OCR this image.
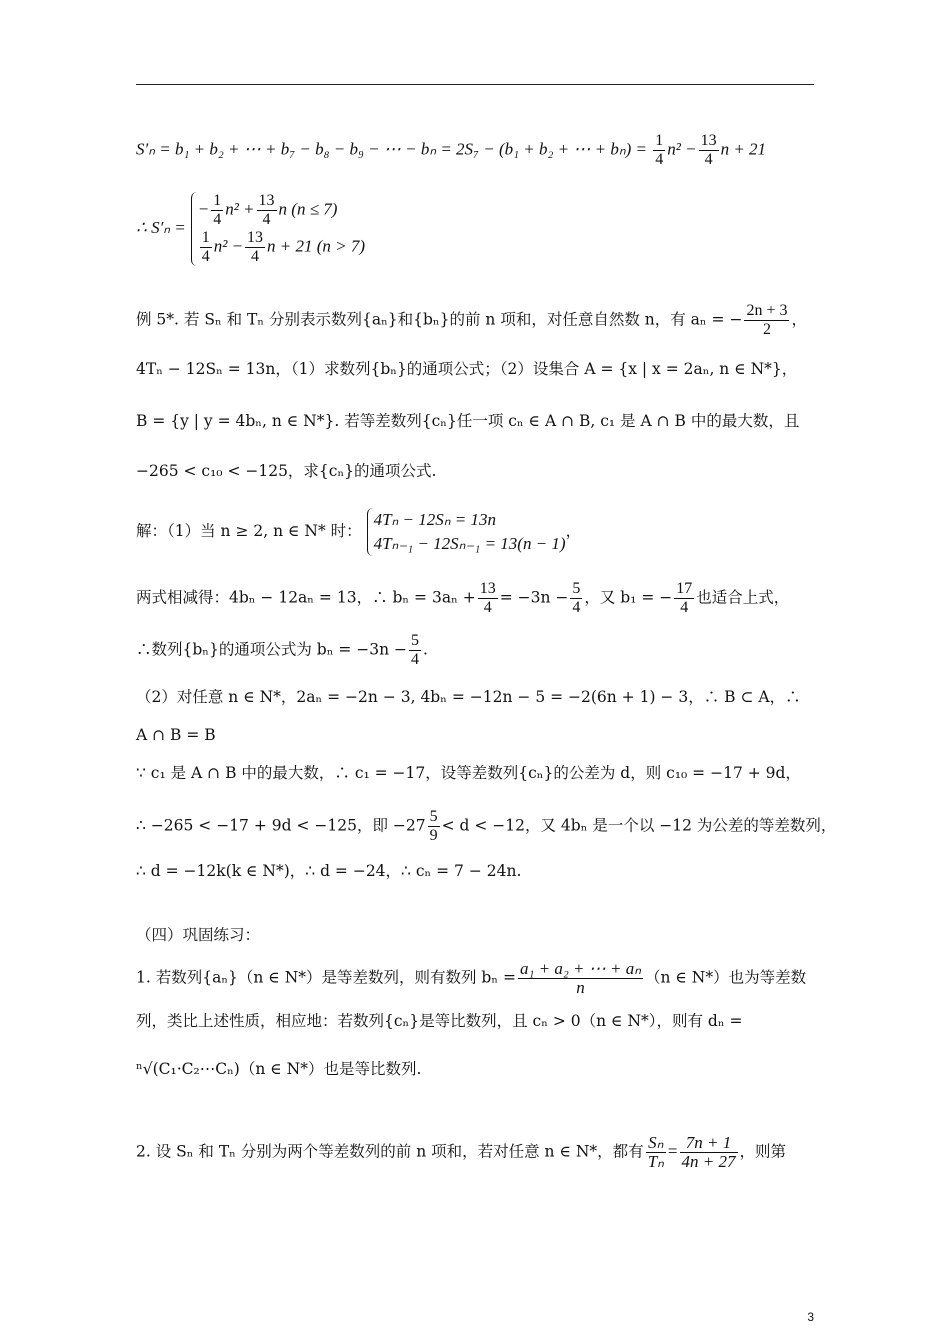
S′ₙ = b₁ + b₂ + ⋯ + b₇ − b₈ − b₉ − ⋯ − bₙ = 2S₇ − (b₁ + b₂ + ⋯ + $b_n) = \frac{1}{4} n^2 - \frac{13}{4}$ n + 21
∴ S′ₙ =
− $\frac{1}{4} n^2 + \frac{13}{4}$ n (n ≤ 7)
$\frac{1}{4} n^2 - \frac{13}{4}$ n + 21 (n > 7)
例 5*. 若 Sₙ 和 Tₙ 分别表示数列{aₙ}和{bₙ}的前 n 项和，对任意自然数 n，有 aₙ = − $\frac{2n + 3}{2}$ ，
4Tₙ − 12Sₙ = 13n，（1）求数列{bₙ}的通项公式；（2）设集合 A = {x | x = 2aₙ, n ∈ N*}，
B = {y | y = 4bₙ, n ∈ N*}. 若等差数列{cₙ}任一项 cₙ ∈ A ∩ B, c₁ 是 A ∩ B 中的最大数，且
−265 < c₁₀ < −125，求{cₙ}的通项公式.
解：（1）当 n ≥ 2, n ∈ N* 时：
4Tₙ − 12Sₙ = 13n
4Tₙ₋₁ − 12Sₙ₋₁ = 13(n − 1)
，
两式相减得：4bₙ − 12aₙ = 13，∴ $b_n = 3a_n + \frac{13}{4} = -3n - \frac{5}{4}$ ，又 b₁ = − $\frac{17}{4}$ 也适合上式，
∴数列{bₙ}的通项公式为 $b_n = -3n - \frac{5}{4}$ .
（2）对任意 n ∈ N*，2aₙ = −2n − 3, 4bₙ = −12n − 5 = −2(6n + 1) − 3，∴ B ⊂ A，∴
A ∩ B = B
∵ c₁ 是 A ∩ B 中的最大数，∴ c₁ = −17，设等差数列{cₙ}的公差为 d，则 c₁₀ = −17 + 9d，
∴ −265 < −17 + 9d < −125，即 $-27 \frac{5}{9} < d < -12$，又 4bₙ 是一个以 −12 为公差的等差数列，
∴ d = −12k(k ∈ N*)，∴ d = −24，∴ cₙ = 7 − 24n.
（四）巩固练习：
1. 若数列{aₙ}（n ∈ N*）是等差数列，则有数列 $b_n = \frac{\text{a₁ + a₂ + ⋯ + aₙ}}{n} (n$ ∈ N*）也为等差数
列，类比上述性质，相应地：若数列{cₙ}是等比数列，且 cₙ > 0（n ∈ N*），则有 dₙ =
ⁿ√(C₁·C₂⋯Cₙ)（n ∈ N*）也是等比数列.
2. 设 Sₙ 和 Tₙ 分别为两个等差数列的前 n 项和，若对任意 n ∈ N*，都有 $\frac{\text{Sₙ}}{\text{Tₙ}} = \frac{7n + 1}{4n + 27}$ ，则第
3
